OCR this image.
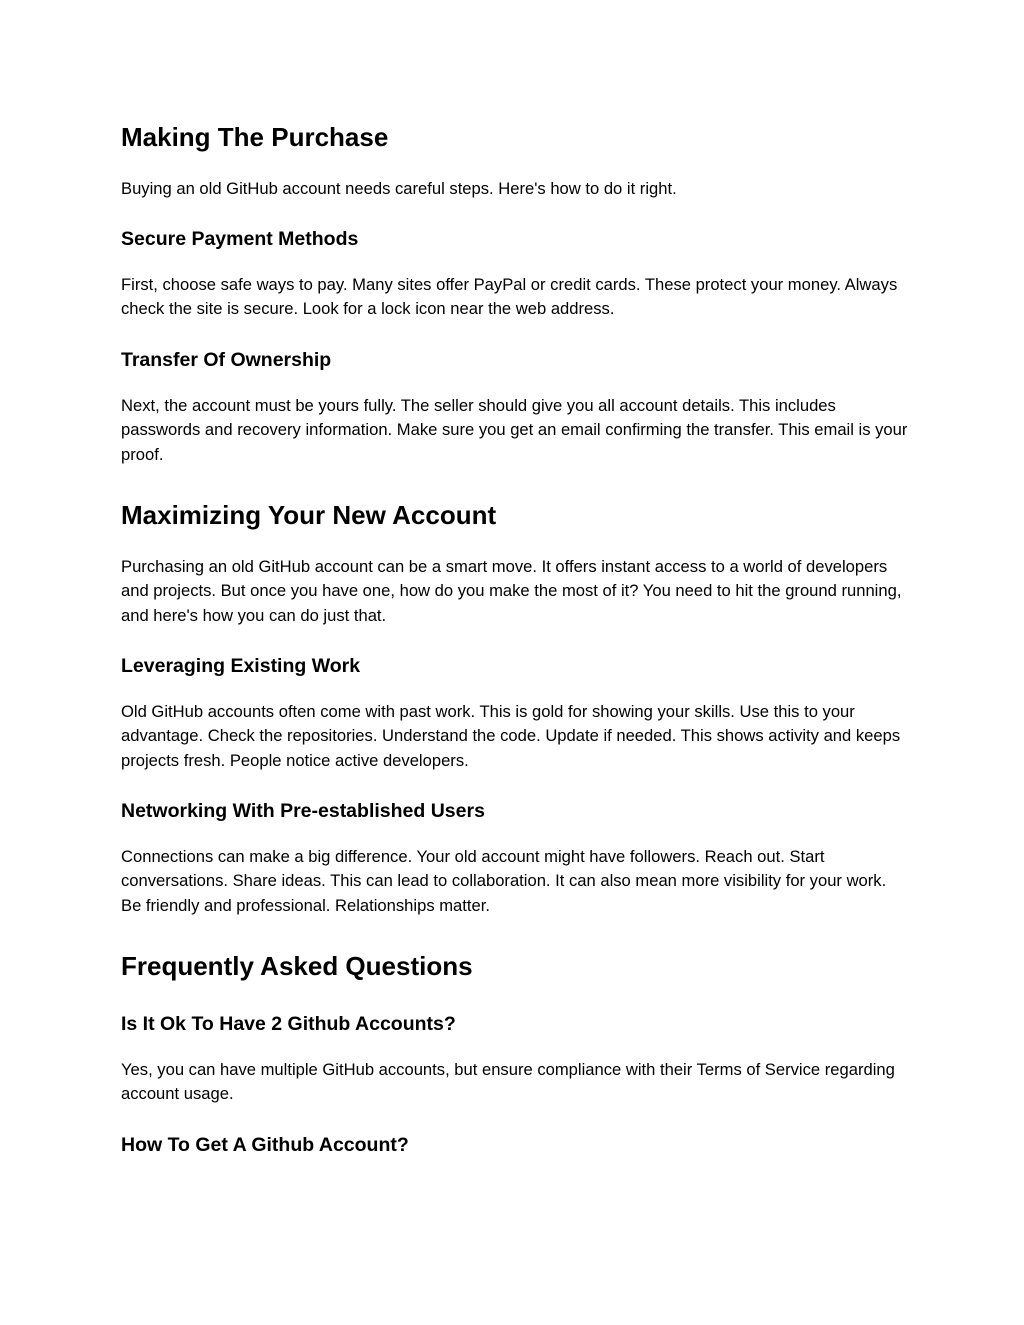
Making The Purchase

Buying an old GitHub account needs careful steps. Here's how to do it right.

Secure Payment Methods

First, choose safe ways to pay. Many sites offer PayPal or credit cards. These protect your money. Always check the site is secure. Look for a lock icon near the web address.

Transfer Of Ownership

Next, the account must be yours fully. The seller should give you all account details. This includes passwords and recovery information. Make sure you get an email confirming the transfer. This email is your proof.

Maximizing Your New Account

Purchasing an old GitHub account can be a smart move. It offers instant access to a world of developers and projects. But once you have one, how do you make the most of it? You need to hit the ground running, and here's how you can do just that.

Leveraging Existing Work

Old GitHub accounts often come with past work. This is gold for showing your skills. Use this to your advantage. Check the repositories. Understand the code. Update if needed. This shows activity and keeps projects fresh. People notice active developers.

Networking With Pre-established Users

Connections can make a big difference. Your old account might have followers. Reach out. Start conversations. Share ideas. This can lead to collaboration. It can also mean more visibility for your work. Be friendly and professional. Relationships matter.

Frequently Asked Questions
Is It Ok To Have 2 Github Accounts?

Yes, you can have multiple GitHub accounts, but ensure compliance with their Terms of Service regarding account usage.

How To Get A Github Account?
